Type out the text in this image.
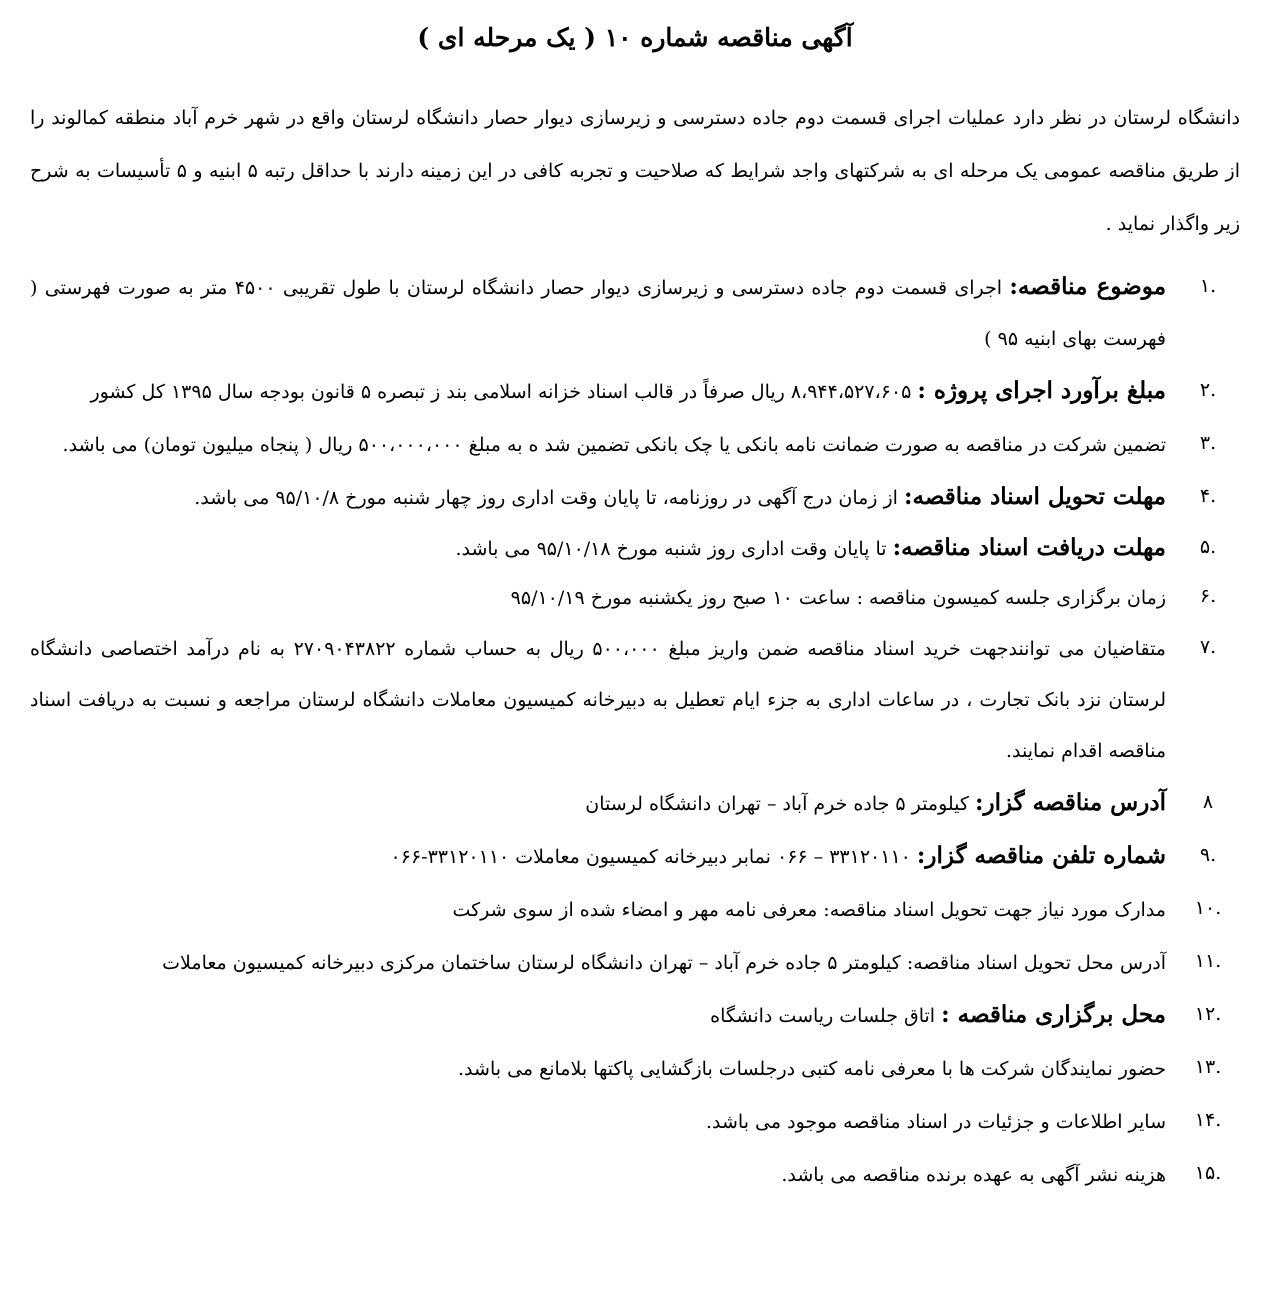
آگهی مناقصه شماره ۱۰ ( یک مرحله ای )

دانشگاه لرستان در نظر دارد عملیات اجرای قسمت دوم جاده دسترسی و زیرسازی دیوار حصار دانشگاه لرستان واقع در شهر خرم آباد منطقه کمالوند را از طریق مناقصه عمومی یک مرحله ای به شرکتهای واجد شرایط که صلاحیت و تجربه کافی در این زمینه دارند با حداقل رتبه ۵ ابنیه و ۵ تأسیسات به شرح زیر واگذار نماید .

.۱
موضوع مناقصه: اجرای قسمت دوم جاده دسترسی و زیرسازی دیوار حصار دانشگاه لرستان با طول تقریبی ۴۵۰۰ متر به صورت فهرستی ( فهرست بهای ابنیه ۹۵ )
.۲
مبلغ برآورد اجرای پروژه : ۸،۹۴۴،۵۲۷،۶۰۵ ریال صرفاً در قالب اسناد خزانه اسلامی بند ز تبصره ۵ قانون بودجه سال ۱۳۹۵ کل کشور
.۳
تضمین شرکت در مناقصه به صورت ضمانت نامه بانکی یا چک بانکی تضمین شد ه به مبلغ ۵۰۰،۰۰۰،۰۰۰ ریال ( پنجاه میلیون تومان) می باشد.
.۴
مهلت تحویل اسناد مناقصه: از زمان درج آگهی در روزنامه، تا پایان وقت اداری روز چهار شنبه مورخ ۹۵/۱۰/۸ می باشد.
.۵
مهلت دریافت اسناد مناقصه: تا پایان وقت اداری روز شنبه مورخ ۹۵/۱۰/۱۸ می باشد.
.۶
زمان برگزاری جلسه کمیسون مناقصه : ساعت ۱۰ صبح روز یکشنبه مورخ ۹۵/۱۰/۱۹
.۷
متقاضیان می توانندجهت خرید اسناد مناقصه ضمن واریز مبلغ ۵۰۰،۰۰۰ ریال به حساب شماره ۲۷۰۹۰۴۳۸۲۲ به نام درآمد اختصاصی دانشگاه لرستان نزد بانک تجارت ، در ساعات اداری به جزء ایام تعطیل به دبیرخانه کمیسیون معاملات دانشگاه لرستان مراجعه و نسبت به دریافت اسناد مناقصه اقدام نمایند.
۸
آدرس مناقصه گزار: کیلومتر ۵ جاده خرم آباد – تهران دانشگاه لرستان
.۹
شماره تلفن مناقصه گزار: ۳۳۱۲۰۱۱۰ – ۰۶۶ نمابر دبیرخانه کمیسیون معاملات ۳۳۱۲۰۱۱۰-۰۶۶
.۱۰
مدارک مورد نیاز جهت تحویل اسناد مناقصه: معرفی نامه مهر و امضاء شده از سوی شرکت
.۱۱
آدرس محل تحویل اسناد مناقصه: کیلومتر ۵ جاده خرم آباد – تهران دانشگاه لرستان ساختمان مرکزی دبیرخانه کمیسیون معاملات
.۱۲
محل برگزاری مناقصه : اتاق جلسات ریاست دانشگاه
.۱۳
حضور نمایندگان شرکت ها با معرفی نامه کتبی درجلسات بازگشایی پاکتها بلامانع می باشد.
.۱۴
سایر اطلاعات و جزئیات در اسناد مناقصه موجود می باشد.
.۱۵
هزینه نشر آگهی به عهده برنده مناقصه می باشد.
